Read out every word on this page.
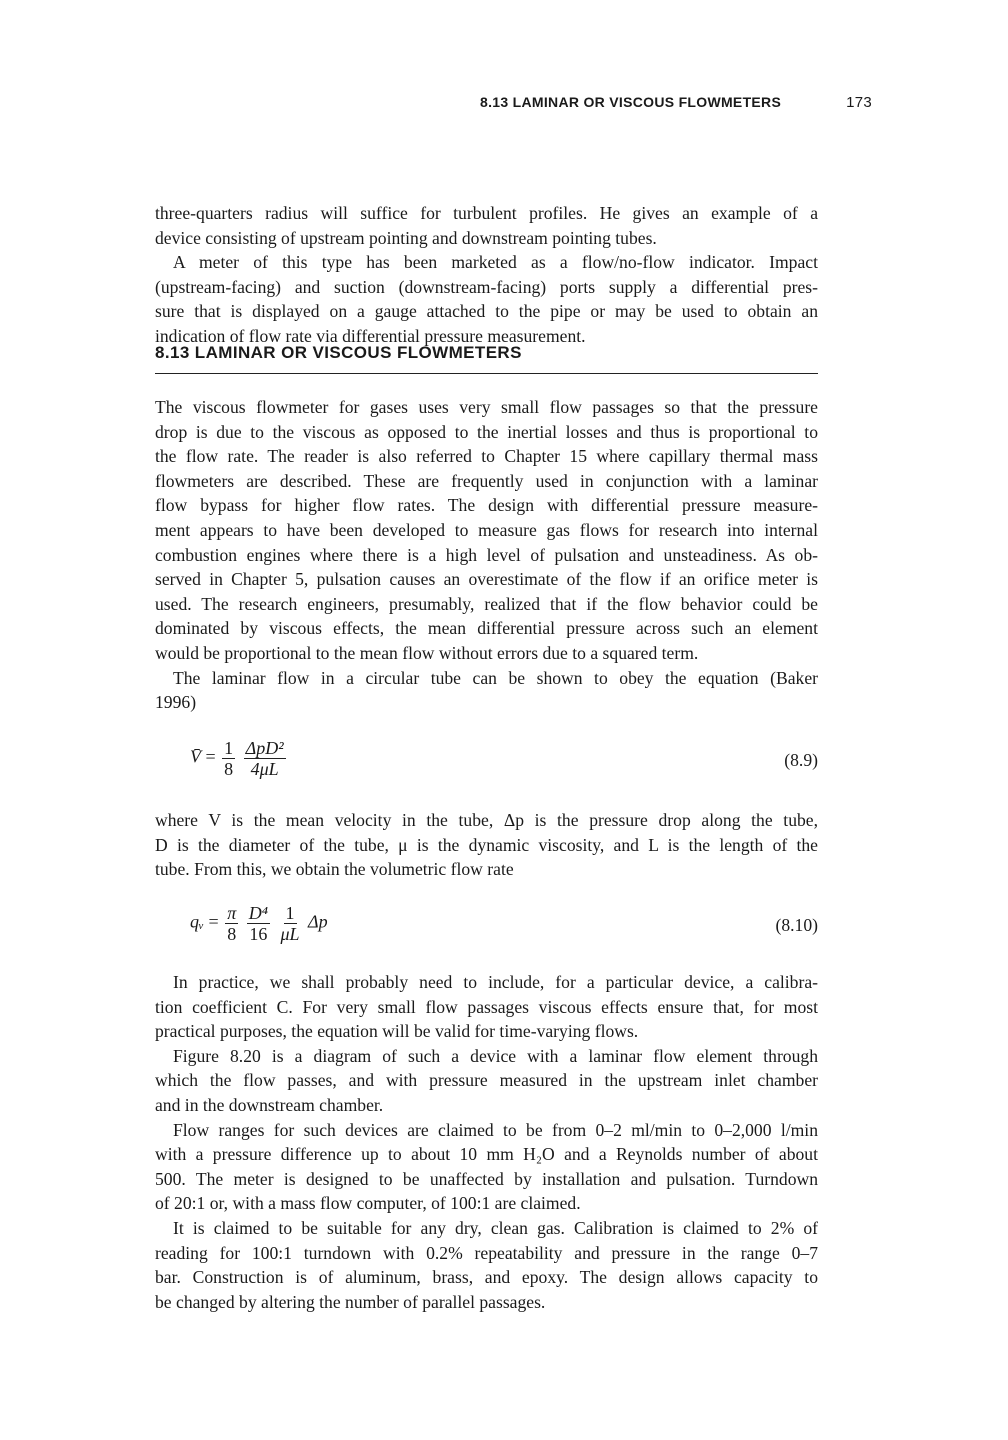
8.13 LAMINAR OR VISCOUS FLOWMETERS	173
three-quarters radius will suffice for turbulent profiles. He gives an example of a
device consisting of upstream pointing and downstream pointing tubes.
A meter of this type has been marketed as a flow/no-flow indicator. Impact
(upstream-facing) and suction (downstream-facing) ports supply a differential pres-
sure that is displayed on a gauge attached to the pipe or may be used to obtain an
indication of flow rate via differential pressure measurement.
8.13 LAMINAR OR VISCOUS FLOWMETERS
The viscous flowmeter for gases uses very small flow passages so that the pressure
drop is due to the viscous as opposed to the inertial losses and thus is proportional to
the flow rate. The reader is also referred to Chapter 15 where capillary thermal mass
flowmeters are described. These are frequently used in conjunction with a laminar
flow bypass for higher flow rates. The design with differential pressure measure-
ment appears to have been developed to measure gas flows for research into internal
combustion engines where there is a high level of pulsation and unsteadiness. As ob-
served in Chapter 5, pulsation causes an overestimate of the flow if an orifice meter is
used. The research engineers, presumably, realized that if the flow behavior could be
dominated by viscous effects, the mean differential pressure across such an element
would be proportional to the mean flow without errors due to a squared term.
The laminar flow in a circular tube can be shown to obey the equation (Baker
1996)
V̄ = $\frac{1}{8}$
$\frac{\text{ΔpD²}}{4\mu L}$	(8.9)
where V is the mean velocity in the tube, Δp is the pressure drop along the tube,
D is the diameter of the tube, μ is the dynamic viscosity, and L is the length of the
tube. From this, we obtain the volumetric flow rate
qᵥ = $\frac{\pi}{8}$
$\frac{\text{D⁴}}{16}$
$\frac{1}{\mu L}$ Δp	(8.10)
In practice, we shall probably need to include, for a particular device, a calibra-
tion coefficient C. For very small flow passages viscous effects ensure that, for most
practical purposes, the equation will be valid for time-varying flows.
Figure 8.20 is a diagram of such a device with a laminar flow element through
which the flow passes, and with pressure measured in the upstream inlet chamber
and in the downstream chamber.
Flow ranges for such devices are claimed to be from 0–2 ml/min to 0–2,000 l/min
with a pressure difference up to about 10 mm H₂O and a Reynolds number of about
500. The meter is designed to be unaffected by installation and pulsation. Turndown
of 20:1 or, with a mass flow computer, of 100:1 are claimed.
It is claimed to be suitable for any dry, clean gas. Calibration is claimed to 2% of
reading for 100:1 turndown with 0.2% repeatability and pressure in the range 0–7
bar. Construction is of aluminum, brass, and epoxy. The design allows capacity to
be changed by altering the number of parallel passages.
